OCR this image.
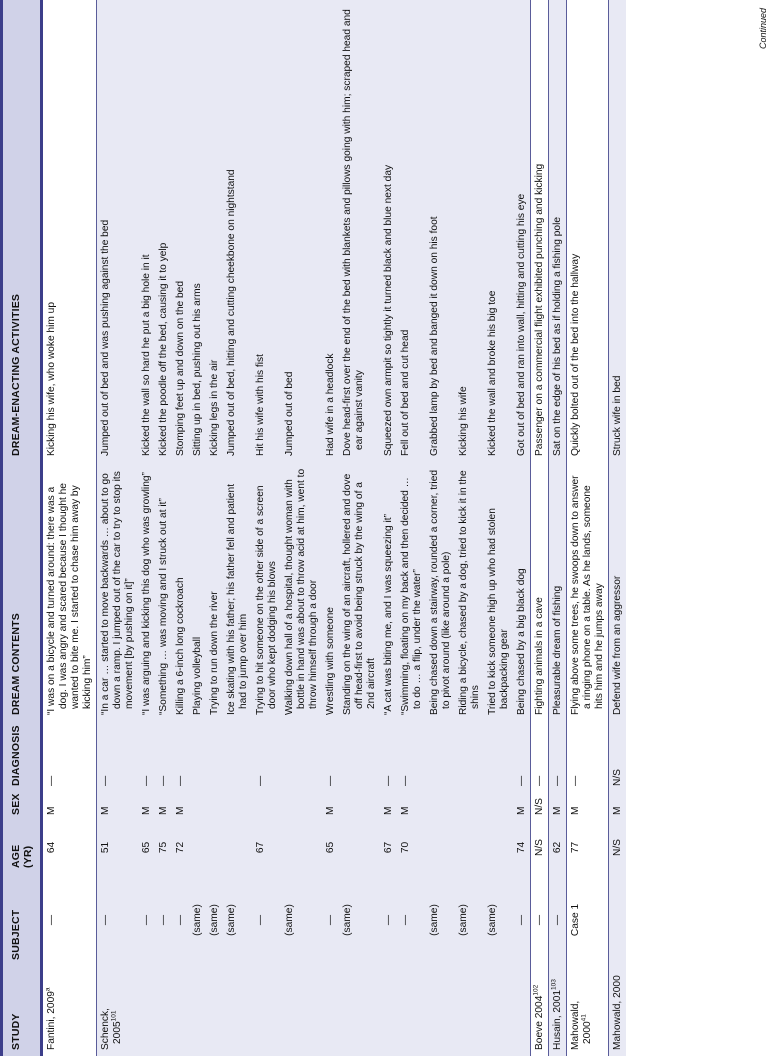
STUDY	SUBJECT	AGE (YR)	SEX	DIAGNOSIS	DREAM CONTENTS	DREAM-ENACTING ACTIVITIES
Fantini, 2009$^a$	—	64	M	—	“I was on a bicycle and turned around: there was a dog. I was angry and scared because I thought he wanted to bite me. I started to chase him away by kicking him”	Kicking his wife, who woke him up
Schenck, 2005$^{101}$	—	51	M	—	“In a car … started to move backwards … about to go down a ramp. I jumped out of the car to try to stop its movement [by pushing on it]”	Jumped out of bed and was pushing against the bed
	—	65	M	—	“I was arguing and kicking this dog who was growling”	Kicked the wall so hard he put a big hole in it
	—	75	M	—	“Something … was moving and I struck out at it”	Kicked the poodle off the bed, causing it to yelp
	—	72	M	—	Killing a 6-inch long cockroach	Stomping feet up and down on the bed
	(same)				Playing volleyball	Sitting up in bed, pushing out his arms
	(same)				Trying to run down the river	Kicking legs in the air
	(same)				Ice skating with his father; his father fell and patient had to jump over him	Jumped out of bed, hitting and cutting cheekbone on nightstand
	—	67		—	Trying to hit someone on the other side of a screen door who kept dodging his blows	Hit his wife with his fist
	(same)				Walking down hall of a hospital, thought woman with bottle in hand was about to throw acid at him, went to throw himself through a door	Jumped out of bed
	—	65	M	—	Wrestling with someone	Had wife in a headlock
	(same)				Standing on the wing of an aircraft, hollered and dove off head-first to avoid being struck by the wing of a 2nd aircraft	Dove head-first over the end of the bed with blankets and pillows going with him; scraped head and ear against vanity
	—	67	M	—	“A cat was biting me, and I was squeezing it”	Squeezed own armpit so tightly it turned black and blue next day
	—	70	M	—	“Swimming, floating on my back and then decided … to do … a flip, under the water”	Fell out of bed and cut head
	(same)				Being chased down a stairway, rounded a corner, tried to pivot around (like around a pole)	Grabbed lamp by bed and banged it down on his foot
	(same)				Riding a bicycle, chased by a dog, tried to kick it in the shins	Kicking his wife
	(same)				Tried to kick someone high up who had stolen backpacking gear	Kicked the wall and broke his big toe
	—	74	M	—	Being chased by a big black dog	Got out of bed and ran into wall, hitting and cutting his eye
Boeve 2004$^{102}$	—	N/S	N/S	—	Fighting animals in a cave	Passenger on a commercial flight exhibited punching and kicking
Husain, 2001$^{103}$	—	62	M	—	Pleasurable dream of fishing	Sat on the edge of his bed as if holding a fishing pole
Mahowald, 2000$^{41}$	Case 1	77	M	—	Flying above some trees, he swoops down to answer a ringing phone on a table. As he lands, someone hits him and he jumps away	Quickly bolted out of the bed into the hallway
Mahowald, 2000		N/S	M	N/S	Defend wife from an aggressor	Struck wife in bed
Continued
